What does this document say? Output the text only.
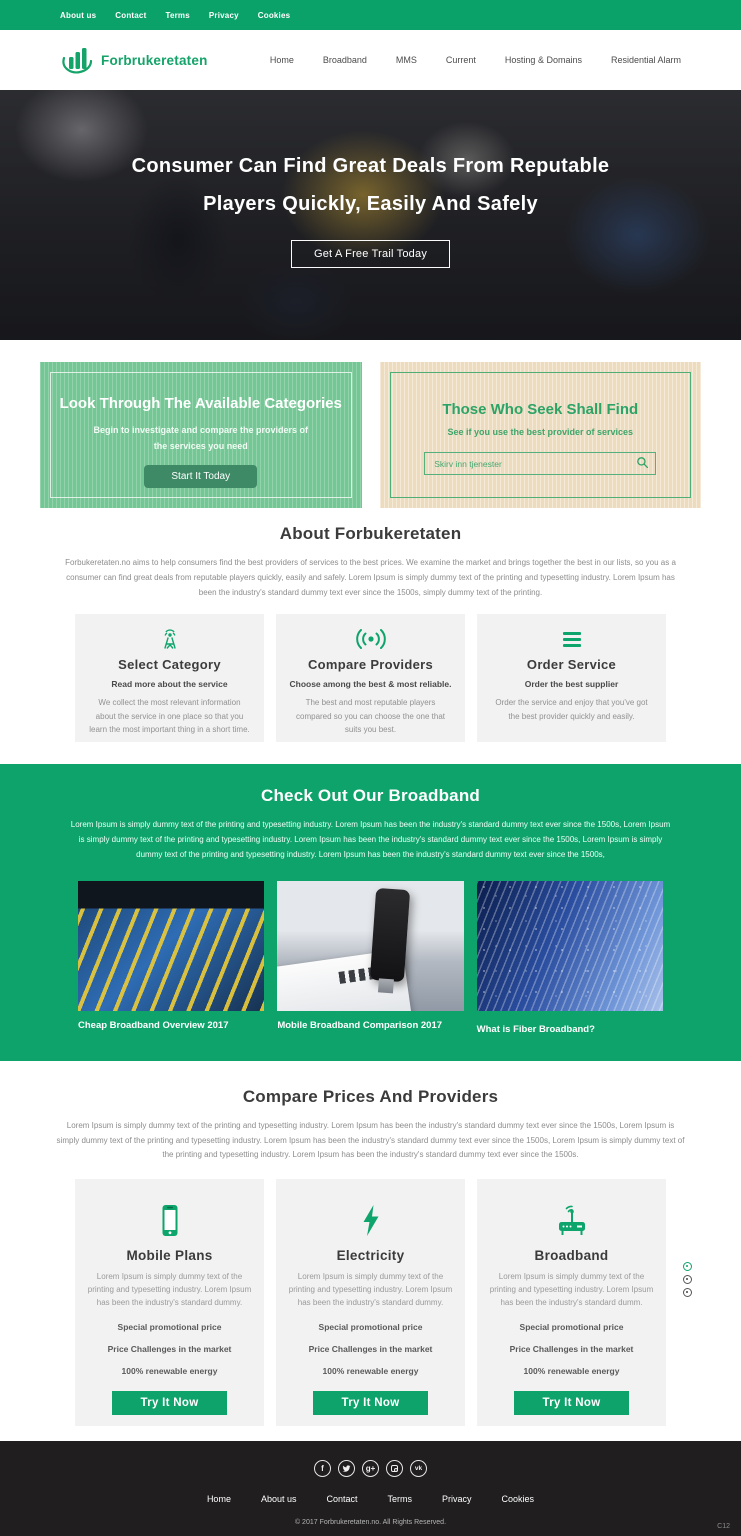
About us Contact Terms Privacy Cookies
Forbrukeretaten	Home	Broadband	MMS	Current	Hosting & Domains	Residential Alarm
Consumer Can Find Great Deals From Reputable
Players Quickly, Easily And Safely
Get A Free Trail Today
Look Through The Available Categories
Begin to investigate and compare the providers of
the services you need
Start It Today
Those Who Seek Shall Find
See if you use the best provider of services
Skirv inn tjenester
About Forbukeretaten

Forbukeretaten.no aims to help consumers find the best providers of services to the best prices. We examine the market and brings together the best in our lists, so you as a consumer can find great deals from reputable players quickly, easily and safely. Lorem Ipsum is simply dummy text of the printing and typesetting industry. Lorem Ipsum has been the industry's standard dummy text ever since the 1500s, simply dummy text of the printing.

Select Category
Read more about the service

We collect the most relevant information about the service in one place so that you learn the most important thing in a short time.

Compare Providers
Choose among the best & most reliable.

The best and most reputable players compared so you can choose the one that suits you best.

Order Service
Order the best supplier

Order the service and enjoy that you've got the best provider quickly and easily.

Check Out Our Broadband

Lorem Ipsum is simply dummy text of the printing and typesetting industry. Lorem Ipsum has been the industry's standard dummy text ever since the 1500s, Lorem Ipsum is simply dummy text of the printing and typesetting industry. Lorem Ipsum has been the industry's standard dummy text ever since the 1500s, Lorem Ipsum is simply dummy text of the printing and typesetting industry. Lorem Ipsum has been the industry's standard dummy text ever since the 1500s,

Cheap Broadband Overview 2017	Mobile Broadband Comparison 2017	What is Fiber Broadband?
Compare Prices And Providers

Lorem Ipsum is simply dummy text of the printing and typesetting industry. Lorem Ipsum has been the industry's standard dummy text ever since the 1500s, Lorem Ipsum is simply dummy text of the printing and typesetting industry. Lorem Ipsum has been the industry's standard dummy text ever since the 1500s, Lorem Ipsum is simply dummy text of the printing and typesetting industry. Lorem Ipsum has been the industry's standard dummy text ever since the 1500s.

Mobile Plans

Lorem Ipsum is simply dummy text of the printing and typesetting industry. Lorem Ipsum has been the industry's standard dummy.

Special promotional price
Price Challenges in the market
100% renewable energy
Try It Now
Electricity

Lorem Ipsum is simply dummy text of the printing and typesetting industry. Lorem Ipsum has been the industry's standard dummy.

Special promotional price
Price Challenges in the market
100% renewable energy
Try It Now
Broadband

Lorem Ipsum is simply dummy text of the printing and typesetting industry. Lorem Ipsum has been the industry's standard dumm.

Special promotional price
Price Challenges in the market
100% renewable energy
Try It Now
f	g+	vk
Home	About us	Contact	Terms	Privacy	Cookies
© 2017 Forbrukeretaten.no. All Rights Reserved.
C12
